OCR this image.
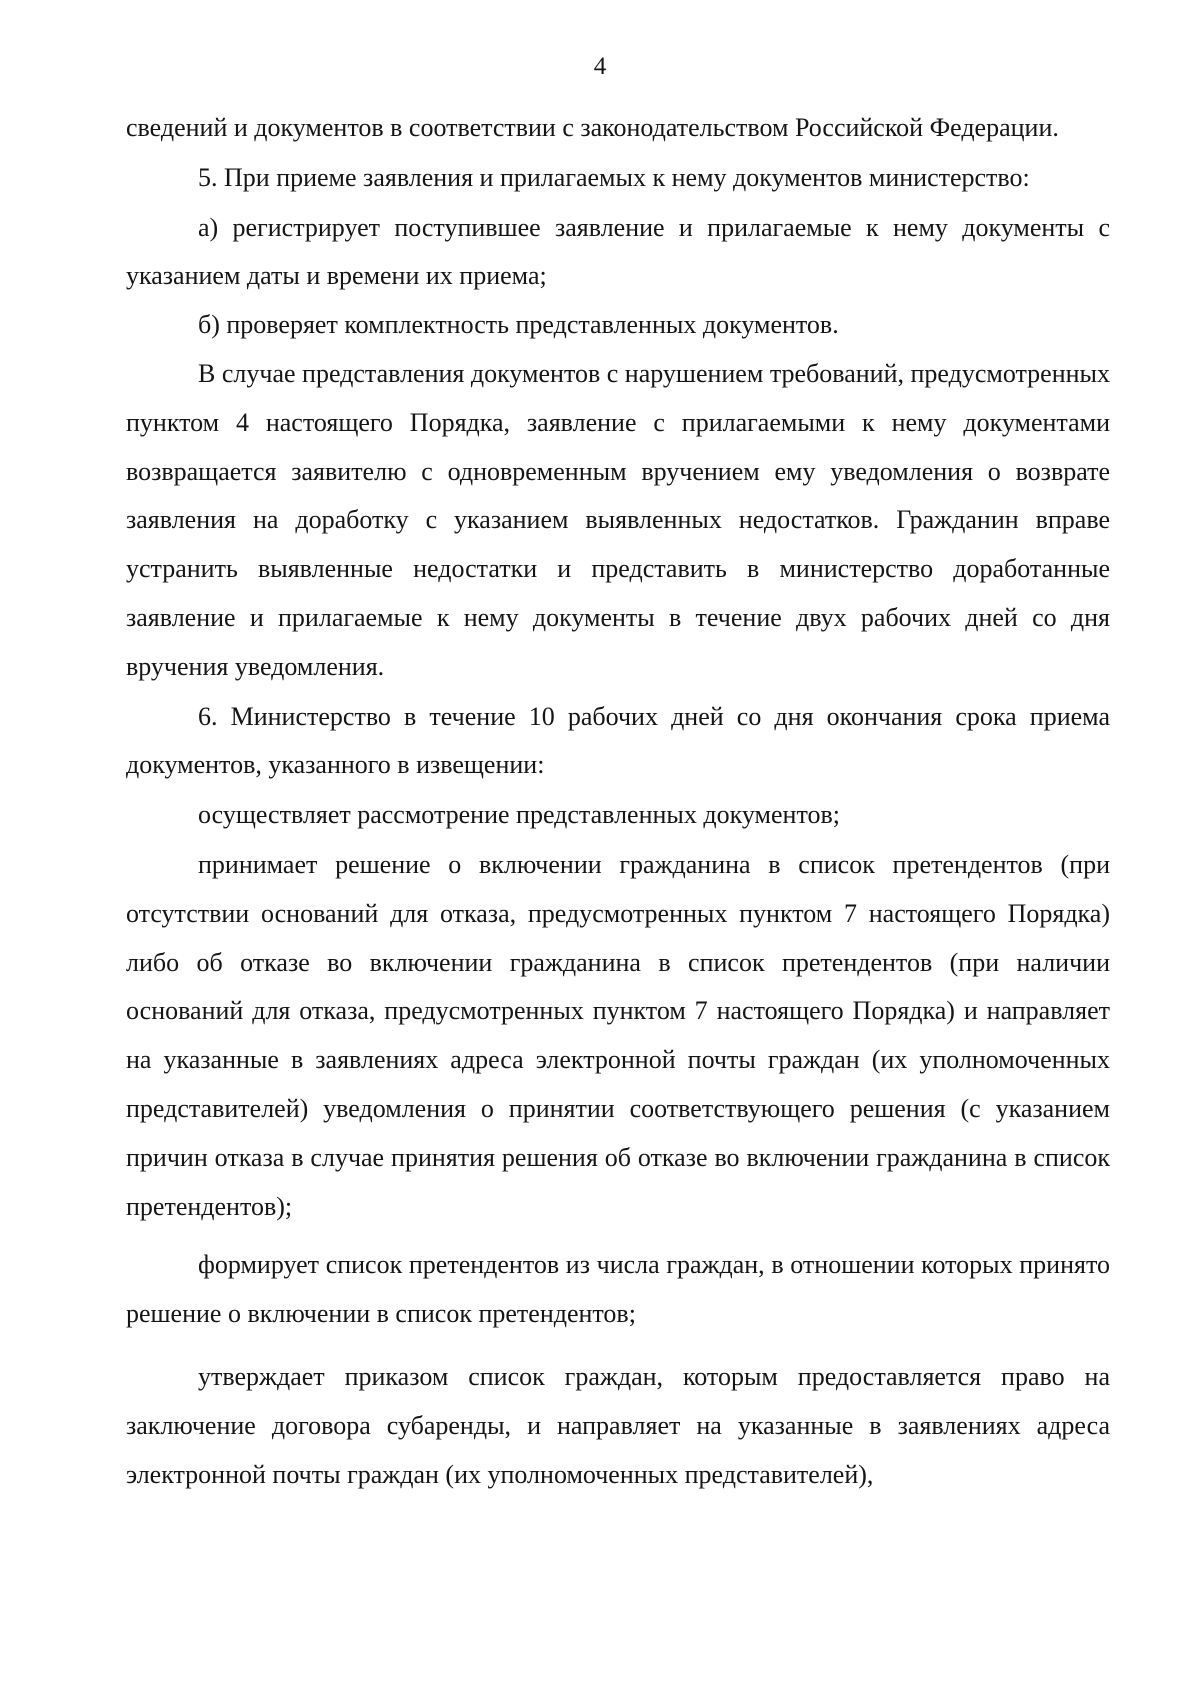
4

сведений и документов в соответствии с законодательством Российской Федерации.

5. При приеме заявления и прилагаемых к нему документов министерство:

а) регистрирует поступившее заявление и прилагаемые к нему документы с указанием даты и времени их приема;

б) проверяет комплектность представленных документов.

В случае представления документов с нарушением требований, предусмотренных пунктом 4 настоящего Порядка, заявление с прилагаемыми к нему документами возвращается заявителю с одновременным вручением ему уведомления о возврате заявления на доработку с указанием выявленных недостатков. Гражданин вправе устранить выявленные недостатки и представить в министерство доработанные заявление и прилагаемые к нему документы в течение двух рабочих дней со дня вручения уведомления.

6. Министерство в течение 10 рабочих дней со дня окончания срока приема документов, указанного в извещении:

осуществляет рассмотрение представленных документов;

принимает решение о включении гражданина в список претендентов (при отсутствии оснований для отказа, предусмотренных пунктом 7 настоящего Порядка) либо об отказе во включении гражданина в список претендентов (при наличии оснований для отказа, предусмотренных пунктом 7 настоящего Порядка) и направляет на указанные в заявлениях адреса электронной почты граждан (их уполномоченных представителей) уведомления о принятии соответствующего решения (с указанием причин отказа в случае принятия решения об отказе во включении гражданина в список претендентов);

формирует список претендентов из числа граждан, в отношении которых принято решение о включении в список претендентов;

утверждает приказом список граждан, которым предоставляется право на заключение договора субаренды, и направляет на указанные в заявлениях адреса электронной почты граждан (их уполномоченных представителей),
